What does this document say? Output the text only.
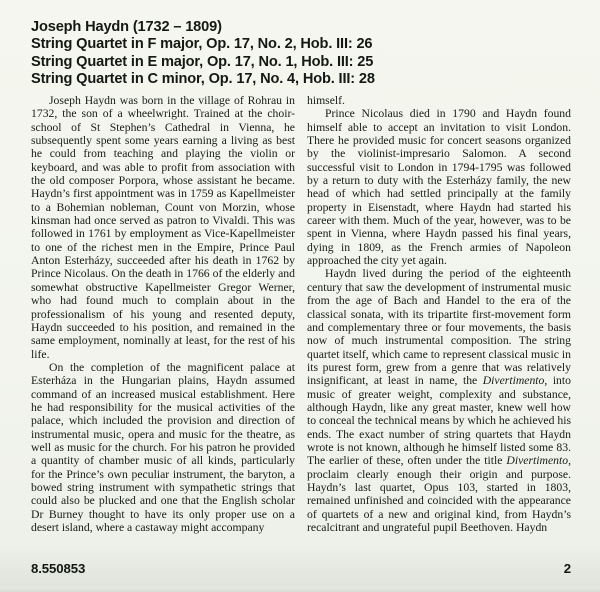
Joseph Haydn (1732 – 1809)
String Quartet in F major, Op. 17, No. 2, Hob. III: 26
String Quartet in E major, Op. 17, No. 1, Hob. III: 25
String Quartet in C minor, Op. 17, No. 4, Hob. III: 28

Joseph Haydn was born in the village of Rohrau in 1732, the son of a wheelwright. Trained at the choir-school of St Stephen’s Cathedral in Vienna, he subsequently spent some years earning a living as best he could from teaching and playing the violin or keyboard, and was able to profit from association with the old composer Porpora, whose assistant he became. Haydn’s first appointment was in 1759 as Kapellmeister to a Bohemian nobleman, Count von Morzin, whose kinsman had once served as patron to Vivaldi. This was followed in 1761 by employment as Vice-Kapellmeister to one of the richest men in the Empire, Prince Paul Anton Esterházy, succeeded after his death in 1762 by Prince Nicolaus. On the death in 1766 of the elderly and somewhat obstructive Kapellmeister Gregor Werner, who had found much to complain about in the professionalism of his young and resented deputy, Haydn succeeded to his position, and remained in the same employment, nominally at least, for the rest of his life.

On the completion of the magnificent palace at Esterháza in the Hungarian plains, Haydn assumed command of an increased musical establishment. Here he had responsibility for the musical activities of the palace, which included the provision and direction of instrumental music, opera and music for the theatre, as well as music for the church. For his patron he provided a quantity of chamber music of all kinds, particularly for the Prince’s own peculiar instrument, the baryton, a bowed string instrument with sympathetic strings that could also be plucked and one that the English scholar Dr Burney thought to have its only proper use on a desert island, where a castaway might accompany

himself.

Prince Nicolaus died in 1790 and Haydn found himself able to accept an invitation to visit London. There he provided music for concert seasons organized by the violinist-impresario Salomon. A second successful visit to London in 1794-1795 was followed by a return to duty with the Esterházy family, the new head of which had settled principally at the family property in Eisenstadt, where Haydn had started his career with them. Much of the year, however, was to be spent in Vienna, where Haydn passed his final years, dying in 1809, as the French armies of Napoleon approached the city yet again.

Haydn lived during the period of the eighteenth century that saw the development of instrumental music from the age of Bach and Handel to the era of the classical sonata, with its tripartite first-movement form and complementary three or four movements, the basis now of much instrumental composition. The string quartet itself, which came to represent classical music in its purest form, grew from a genre that was relatively insignificant, at least in name, the Divertimento, into music of greater weight, complexity and substance, although Haydn, like any great master, knew well how to conceal the technical means by which he achieved his ends. The exact number of string quartets that Haydn wrote is not known, although he himself listed some 83. The earlier of these, often under the title Divertimento, proclaim clearly enough their origin and purpose. Haydn’s last quartet, Opus 103, started in 1803, remained unfinished and coincided with the appearance of quartets of a new and original kind, from Haydn’s recalcitrant and ungrateful pupil Beethoven. Haydn

8.550853	2
